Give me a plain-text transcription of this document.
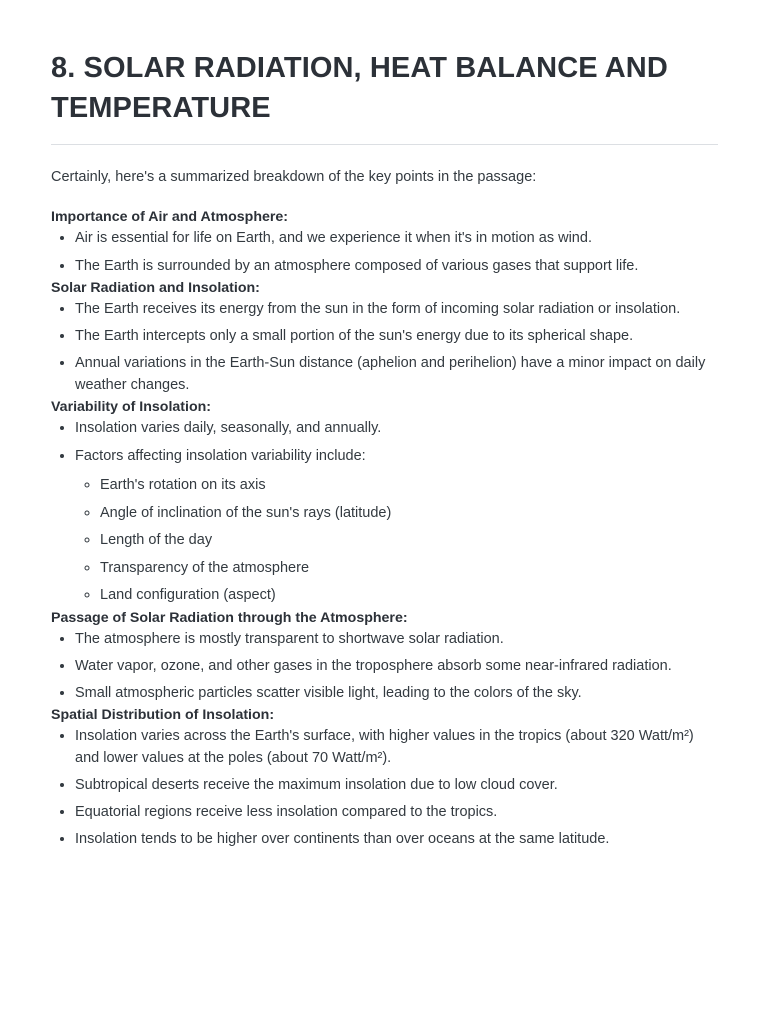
8. SOLAR RADIATION, HEAT BALANCE AND TEMPERATURE

Certainly, here's a summarized breakdown of the key points in the passage:

Importance of Air and Atmosphere:

• Air is essential for life on Earth, and we experience it when it's in motion as wind.
• The Earth is surrounded by an atmosphere composed of various gases that support life.

Solar Radiation and Insolation:

• The Earth receives its energy from the sun in the form of incoming solar radiation or insolation.
• The Earth intercepts only a small portion of the sun's energy due to its spherical shape.
• Annual variations in the Earth-Sun distance (aphelion and perihelion) have a minor impact on daily weather changes.

Variability of Insolation:

• Insolation varies daily, seasonally, and annually.
• Factors affecting insolation variability include:
◦ Earth's rotation on its axis
◦ Angle of inclination of the sun's rays (latitude)
◦ Length of the day
◦ Transparency of the atmosphere
◦ Land configuration (aspect)

Passage of Solar Radiation through the Atmosphere:

• The atmosphere is mostly transparent to shortwave solar radiation.
• Water vapor, ozone, and other gases in the troposphere absorb some near-infrared radiation.
• Small atmospheric particles scatter visible light, leading to the colors of the sky.

Spatial Distribution of Insolation:

• Insolation varies across the Earth's surface, with higher values in the tropics (about 320 Watt/m²) and lower values at the poles (about 70 Watt/m²).
• Subtropical deserts receive the maximum insolation due to low cloud cover.
• Equatorial regions receive less insolation compared to the tropics.
• Insolation tends to be higher over continents than over oceans at the same latitude.
